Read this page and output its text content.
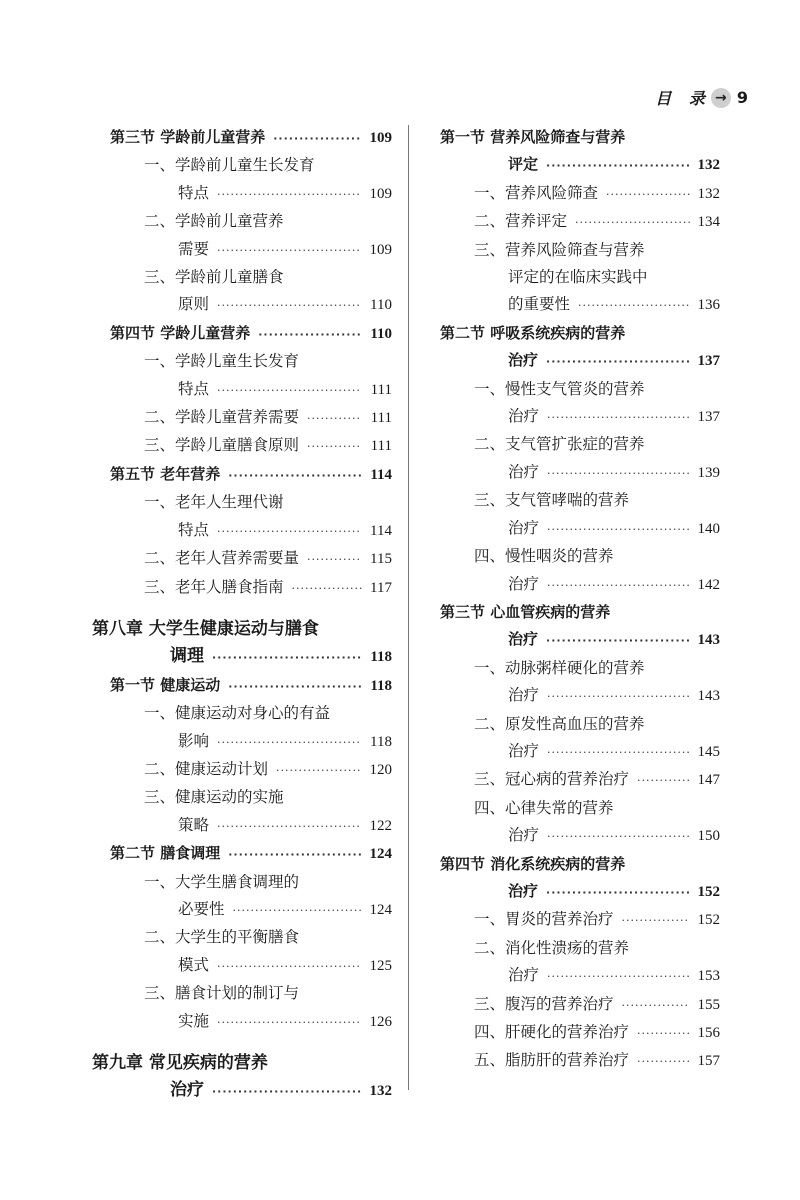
目 录 → 9
第三节 学龄前儿童营养 ·····	109
一、学龄前儿童生长发育
特点 ·····	109
二、学龄前儿童营养
需要 ·····	109
三、学龄前儿童膳食
原则 ·····	110
第四节 学龄儿童营养 ·····	110
一、学龄儿童生长发育
特点 ·····	111
二、学龄儿童营养需要 ·····	111
三、学龄儿童膳食原则 ·····	111
第五节 老年营养 ·····	114
一、老年人生理代谢
特点 ·····	114
二、老年人营养需要量 ·····	115
三、老年人膳食指南 ·····	117
第八章 大学生健康运动与膳食
调理 ·····	118
第一节 健康运动 ·····	118
一、健康运动对身心的有益
影响 ·····	118
二、健康运动计划 ·····	120
三、健康运动的实施
策略 ·····	122
第二节 膳食调理 ·····	124
一、大学生膳食调理的
必要性 ·····	124
二、大学生的平衡膳食
模式 ·····	125
三、膳食计划的制订与
实施 ·····	126
第九章 常见疾病的营养
治疗 ·····	132
第一节 营养风险筛查与营养
评定 ·····	132
一、营养风险筛查 ·····	132
二、营养评定 ·····	134
三、营养风险筛查与营养
评定的在临床实践中
的重要性 ·····	136
第二节 呼吸系统疾病的营养
治疗 ·····	137
一、慢性支气管炎的营养
治疗 ·····	137
二、支气管扩张症的营养
治疗 ·····	139
三、支气管哮喘的营养
治疗 ·····	140
四、慢性咽炎的营养
治疗 ·····	142
第三节 心血管疾病的营养
治疗 ·····	143
一、动脉粥样硬化的营养
治疗 ·····	143
二、原发性高血压的营养
治疗 ·····	145
三、冠心病的营养治疗 ·····	147
四、心律失常的营养
治疗 ·····	150
第四节 消化系统疾病的营养
治疗 ·····	152
一、胃炎的营养治疗 ·····	152
二、消化性溃疡的营养
治疗 ·····	153
三、腹泻的营养治疗 ·····	155
四、肝硬化的营养治疗 ·····	156
五、脂肪肝的营养治疗 ·····	157
